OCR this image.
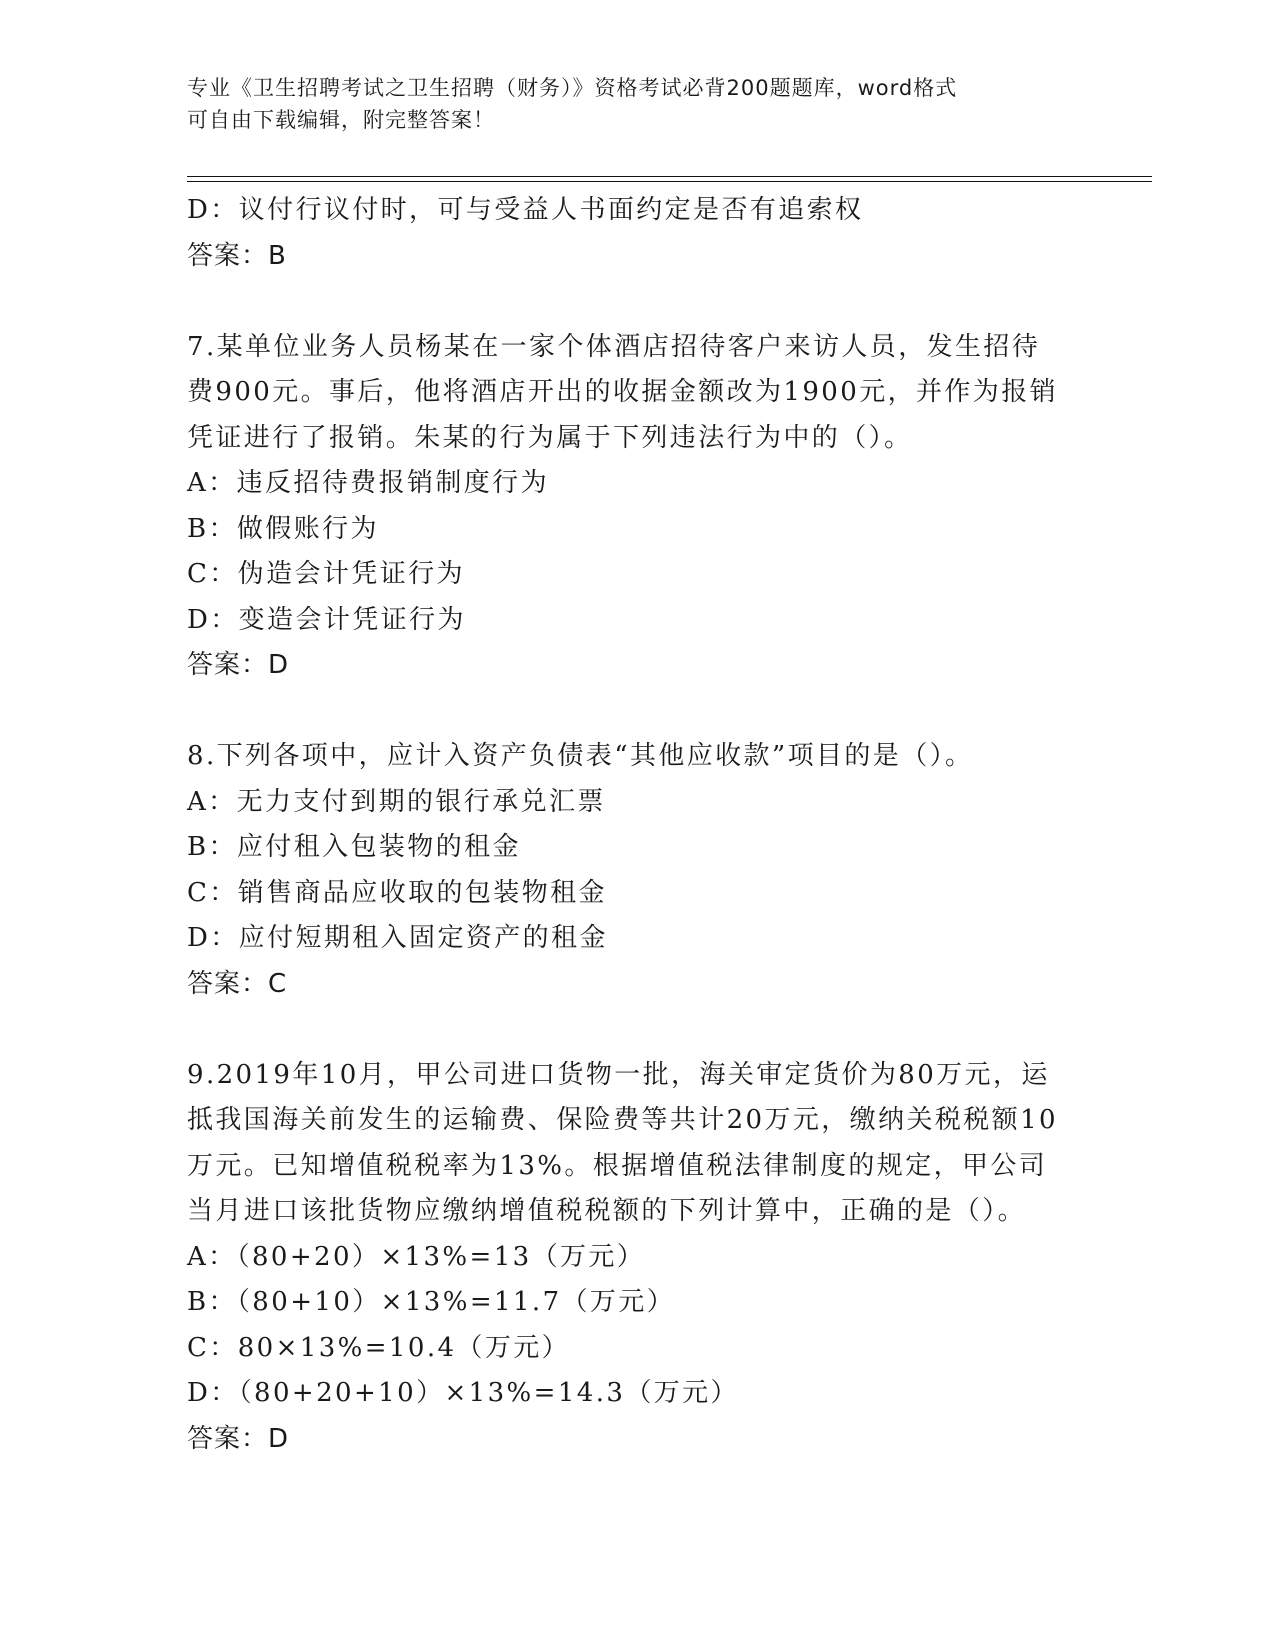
专业《卫生招聘考试之卫生招聘（财务）》资格考试必背200题题库，word格式
可自由下载编辑，附完整答案！
D：议付行议付时，可与受益人书面约定是否有追索权
答案：B
7.某单位业务人员杨某在一家个体酒店招待客户来访人员，发生招待
费900元。事后，他将酒店开出的收据金额改为1900元，并作为报销
凭证进行了报销。朱某的行为属于下列违法行为中的（）。
A：违反招待费报销制度行为
B：做假账行为
C：伪造会计凭证行为
D：变造会计凭证行为
答案：D
8.下列各项中，应计入资产负债表“其他应收款”项目的是（）。
A：无力支付到期的银行承兑汇票
B：应付租入包装物的租金
C：销售商品应收取的包装物租金
D：应付短期租入固定资产的租金
答案：C
9.2019年10月，甲公司进口货物一批，海关审定货价为80万元，运
抵我国海关前发生的运输费、保险费等共计20万元，缴纳关税税额10
万元。已知增值税税率为13%。根据增值税法律制度的规定，甲公司
当月进口该批货物应缴纳增值税税额的下列计算中，正确的是（）。
A：（80+20）×13%=13（万元）
B：（80+10）×13%=11.7（万元）
C：80×13%=10.4（万元）
D：（80+20+10）×13%=14.3（万元）
答案：D
